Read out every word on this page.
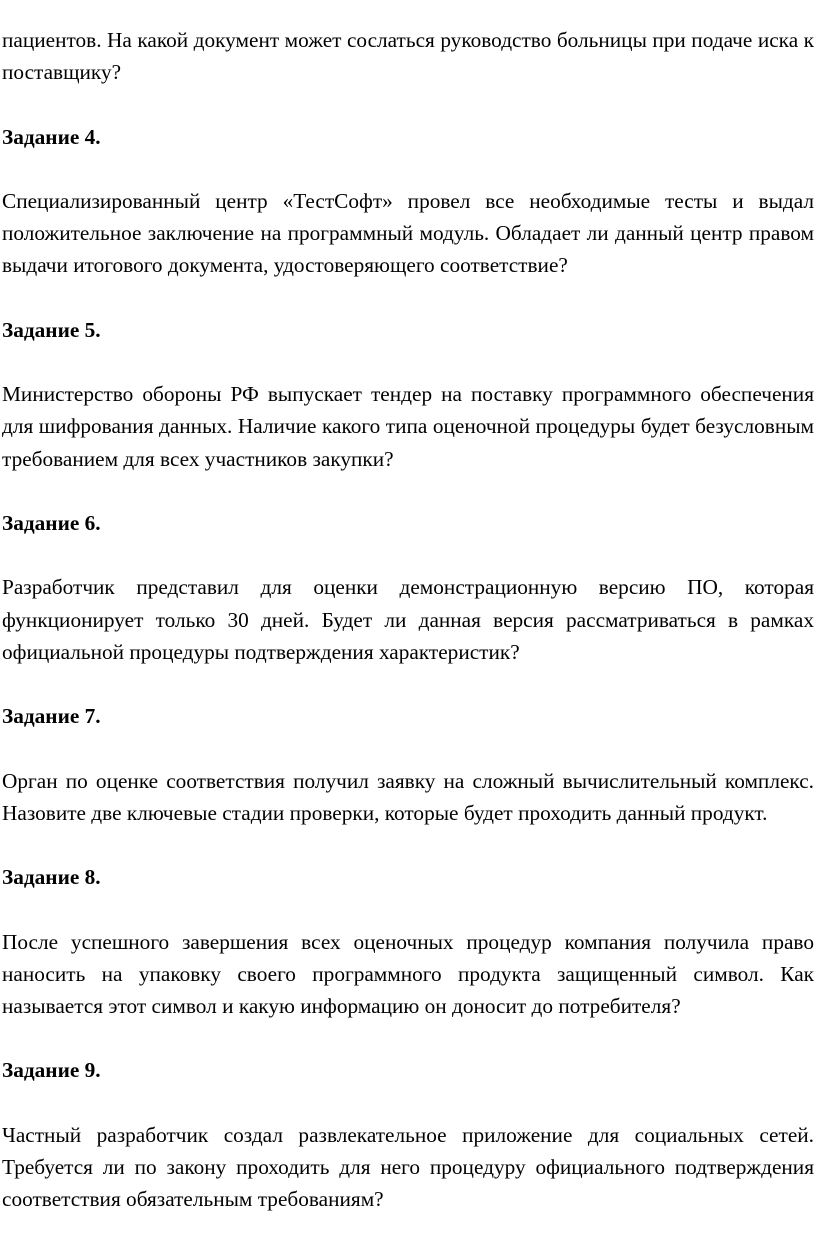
пациентов. На какой документ может сослаться руководство больницы при подаче иска к поставщику?

Задание 4.

Специализированный центр «ТестСофт» провел все необходимые тесты и выдал положительное заключение на программный модуль. Обладает ли данный центр правом выдачи итогового документа, удостоверяющего соответствие?

Задание 5.

Министерство обороны РФ выпускает тендер на поставку программного обеспечения для шифрования данных. Наличие какого типа оценочной процедуры будет безусловным требованием для всех участников закупки?

Задание 6.

Разработчик представил для оценки демонстрационную версию ПО, которая функционирует только 30 дней. Будет ли данная версия рассматриваться в рамках официальной процедуры подтверждения характеристик?

Задание 7.

Орган по оценке соответствия получил заявку на сложный вычислительный комплекс. Назовите две ключевые стадии проверки, которые будет проходить данный продукт.

Задание 8.

После успешного завершения всех оценочных процедур компания получила право наносить на упаковку своего программного продукта защищенный символ. Как называется этот символ и какую информацию он доносит до потребителя?

Задание 9.

Частный разработчик создал развлекательное приложение для социальных сетей. Требуется ли по закону проходить для него процедуру официального подтверждения соответствия обязательным требованиям?
